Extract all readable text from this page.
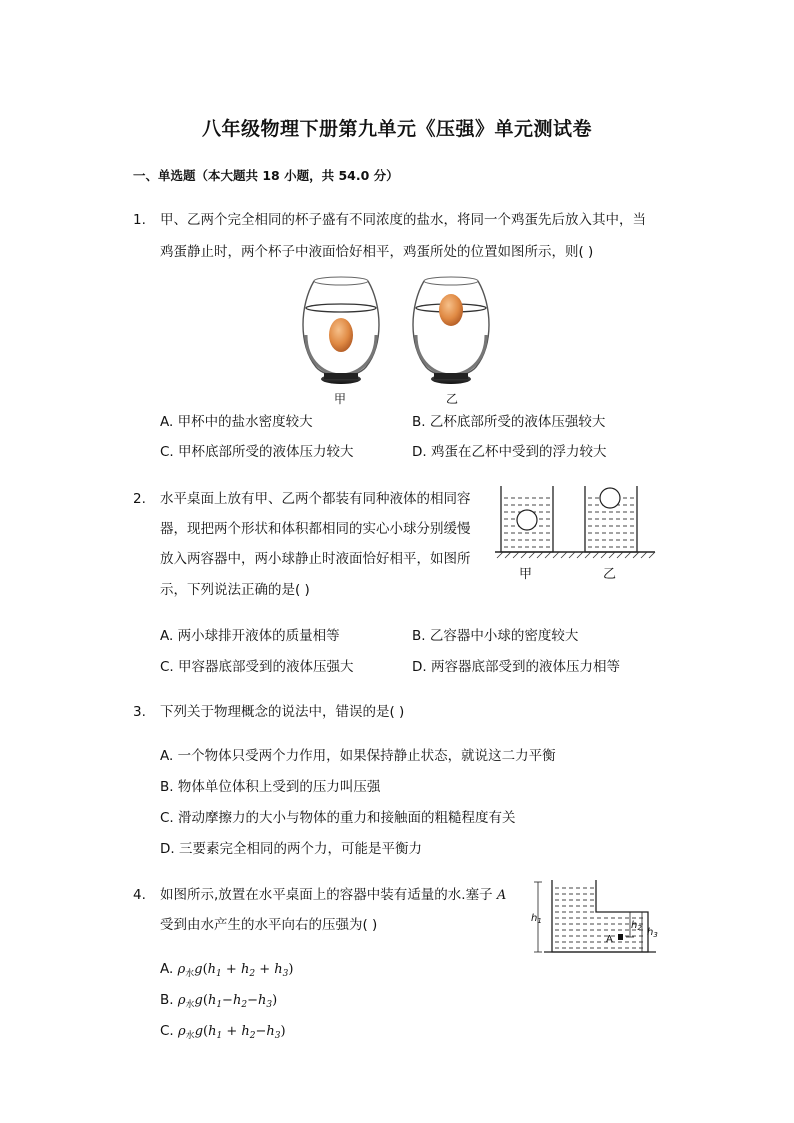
八年级物理下册第九单元《压强》单元测试卷
一、单选题（本大题共 18 小题，共 54.0 分）
1. 甲、乙两个完全相同的杯子盛有不同浓度的盐水，将同一个鸡蛋先后放入其中，当
鸡蛋静止时，两个杯子中液面恰好相平，鸡蛋所处的位置如图所示，则( )
甲	乙
A. 甲杯中的盐水密度较大	B. 乙杯底部所受的液体压强较大
C. 甲杯底部所受的液体压力较大	D. 鸡蛋在乙杯中受到的浮力较大
2. 水平桌面上放有甲、乙两个都装有同种液体的相同容
器，现把两个形状和体积都相同的实心小球分别缓慢
放入两容器中，两小球静止时液面恰好相平，如图所
示，下列说法正确的是( )
甲	乙
A. 两小球排开液体的质量相等	B. 乙容器中小球的密度较大
C. 甲容器底部受到的液体压强大	D. 两容器底部受到的液体压力相等
3. 下列关于物理概念的说法中，错误的是( )
A. 一个物体只受两个力作用，如果保持静止状态，就说这二力平衡
B. 物体单位体积上受到的压力叫压强
C. 滑动摩擦力的大小与物体的重力和接触面的粗糙程度有关
D. 三要素完全相同的两个力，可能是平衡力
4. 如图所示,放置在水平桌面上的容器中装有适量的水.塞子 A
受到由水产生的水平向右的压强为( )
A
$h_1$	$h_2$ $h_3$
A. $\rho_水g(h_1 + h_2 + h_3)$
B. $\rho_水g(h_1-h_2-h_3)$
C. $\rho_水g(h_1 + h_2-h_3)$
